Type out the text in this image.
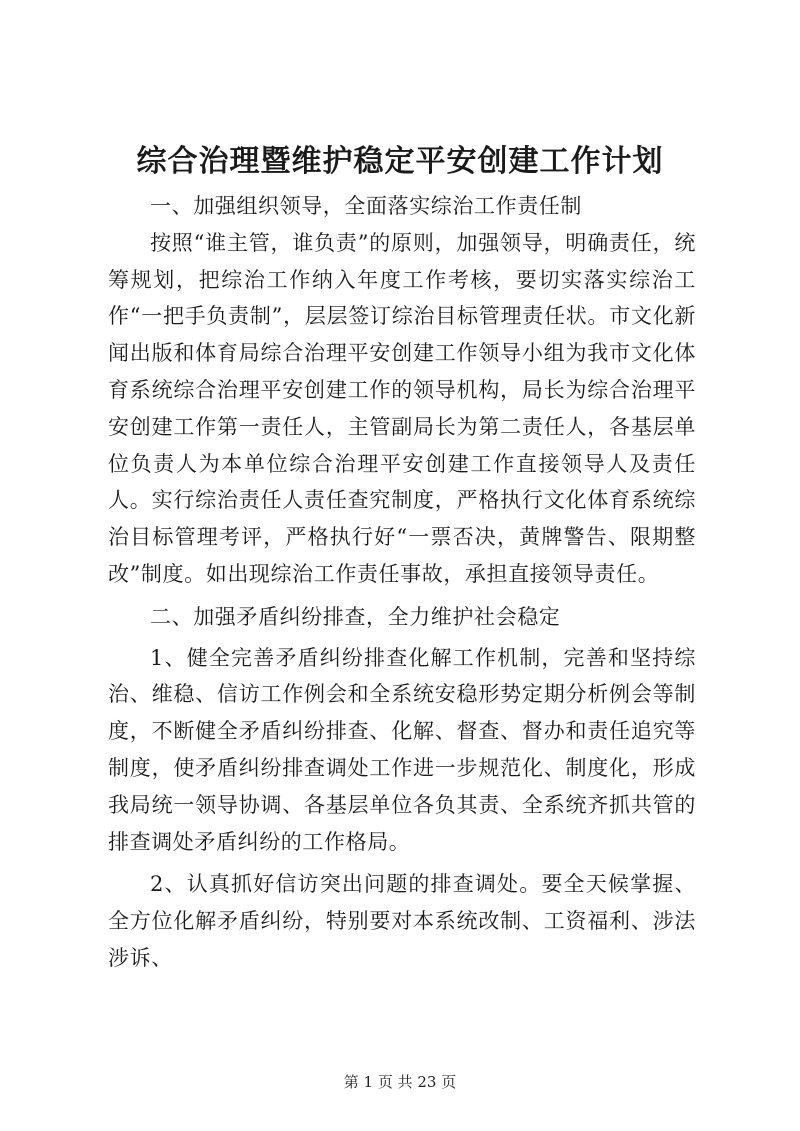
综合治理暨维护稳定平安创建工作计划

一、加强组织领导，全面落实综治工作责任制

按照“谁主管，谁负责”的原则，加强领导，明确责任，统筹规划，把综治工作纳入年度工作考核，要切实落实综治工作“一把手负责制”，层层签订综治目标管理责任状。市文化新闻出版和体育局综合治理平安创建工作领导小组为我市文化体育系统综合治理平安创建工作的领导机构，局长为综合治理平安创建工作第一责任人，主管副局长为第二责任人，各基层单位负责人为本单位综合治理平安创建工作直接领导人及责任人。实行综治责任人责任查究制度，严格执行文化体育系统综治目标管理考评，严格执行好“一票否决，黄牌警告、限期整改”制度。如出现综治工作责任事故，承担直接领导责任。

二、加强矛盾纠纷排查，全力维护社会稳定

1、健全完善矛盾纠纷排查化解工作机制，完善和坚持综治、维稳、信访工作例会和全系统安稳形势定期分析例会等制度，不断健全矛盾纠纷排查、化解、督查、督办和责任追究等制度，使矛盾纠纷排查调处工作进一步规范化、制度化，形成我局统一领导协调、各基层单位各负其责、全系统齐抓共管的排查调处矛盾纠纷的工作格局。

2、认真抓好信访突出问题的排查调处。要全天候掌握、全方位化解矛盾纠纷，特别要对本系统改制、工资福利、涉法涉诉、

第 1 页 共 23 页
